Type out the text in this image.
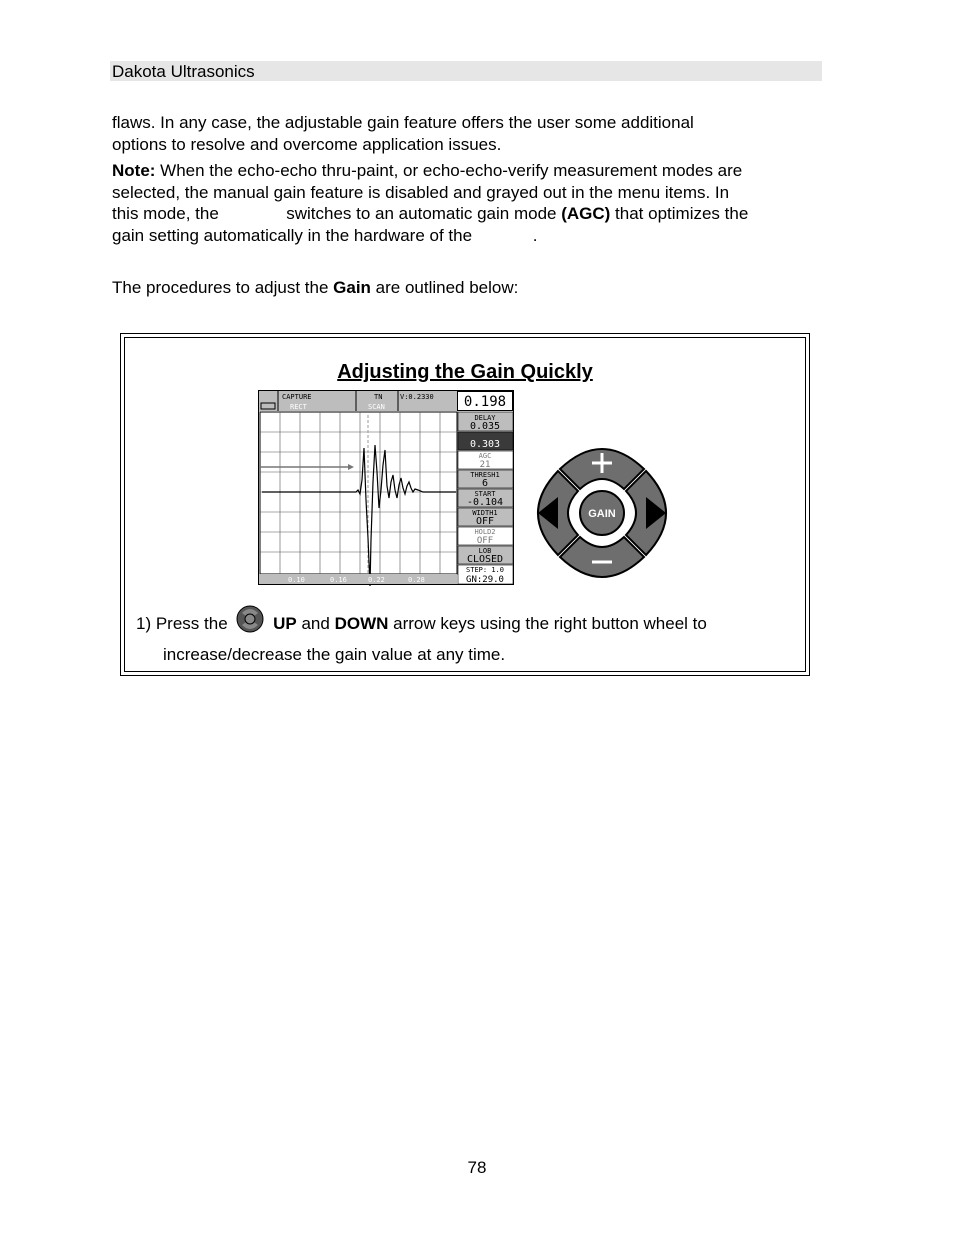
Dakota Ultrasonics

flaws. In any case, the adjustable gain feature offers the user some additional
options to resolve and overcome application issues.

Note: When the echo-echo thru-paint, or echo-echo-verify measurement modes are
selected, the manual gain feature is disabled and grayed out in the menu items. In
this mode, the	switches to an automatic gain mode (AGC) that optimizes the
gain setting automatically in the hardware of the	.

The procedures to adjust the Gain are outlined below:

Adjusting the Gain Quickly
CAPTURE
RECT
TN
SCAN
V:0.2330 0.198
0.10	0.16	0.22	0.28
DELAY
0.035
0.303
AGC
21
THRESH1
6
START
-0.104
WIDTH1
OFF
HOLD2
OFF
LOB
CLOSED
STEP: 1.0
GN:29.0
GAIN
1) Press the	UP and DOWN arrow keys using the right button wheel to
increase/decrease the gain value at any time.
78
